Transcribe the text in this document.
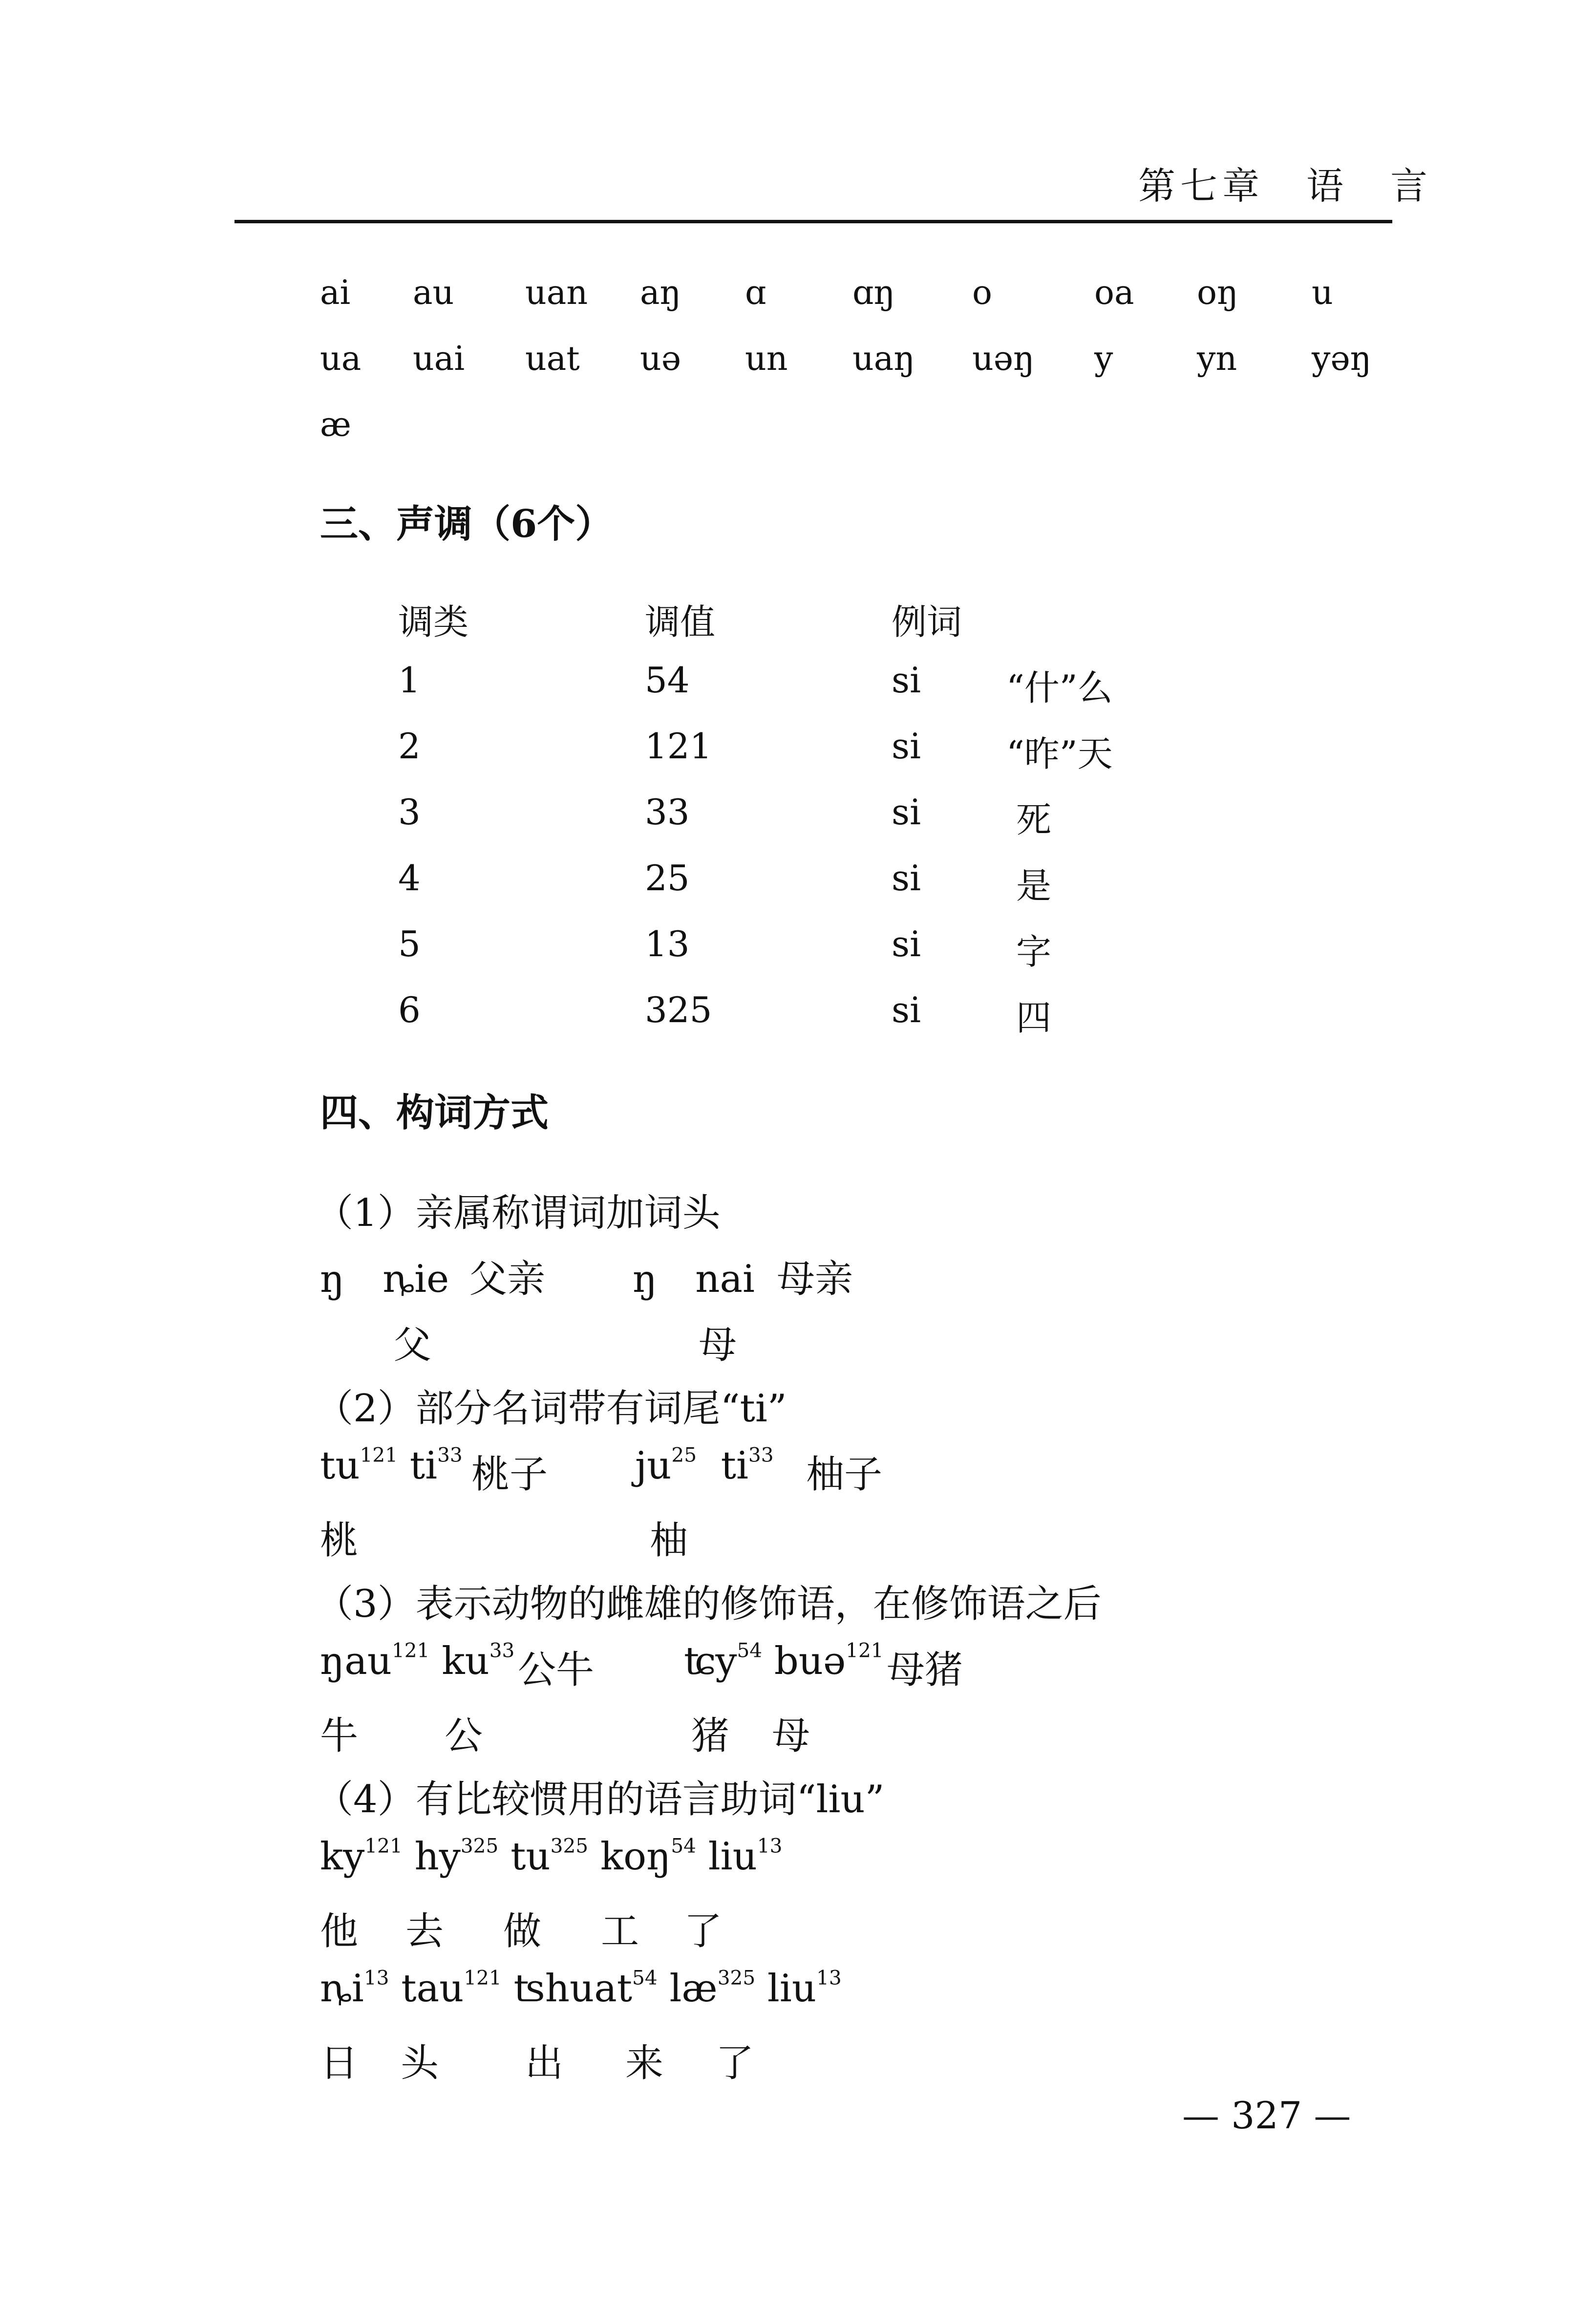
第七章　语　言
ai au uan aŋ ɑ	ɑŋ o	oa oŋ u
ua uai uat uə un uaŋ uəŋ y	yn yəŋ
æ
三、声调（6个）
调类	调值	例词
1	54	si “什”么
2	121	si “昨”天
3	33	si	死
4	25	si	是
5	13	si	字
6	325	si	四
四、构词方式
（1）亲属称谓词加词头
ŋ　ȵie 父亲 ŋ　nai 母亲
父	母
（2）部分名词带有词尾“ti”
$tu^{121}$ $ti^{33}$ 桃子 $ju^{25}$ $ti^{33}$ 柚子
桃	柚
（3）表示动物的雌雄的修饰语，在修饰语之后
ŋau$^{121}$ $ku^{33}$ 公牛 ʨy$^{54}$ buə$^{121}$ 母猪
牛 公	猪 母
（4）有比较惯用的语言助词“liu”
$ky^{121}$ $hy^{325}$ $tu^{325}$ koŋ$^{54}$ liu$^{13}$
他 去 做 工 了
$ȵi^{13}$ tau$^{121}$ ʦhuat$^{54}$ $læ^{325}$ liu$^{13}$
日 头 出 来 了
— 327 —
